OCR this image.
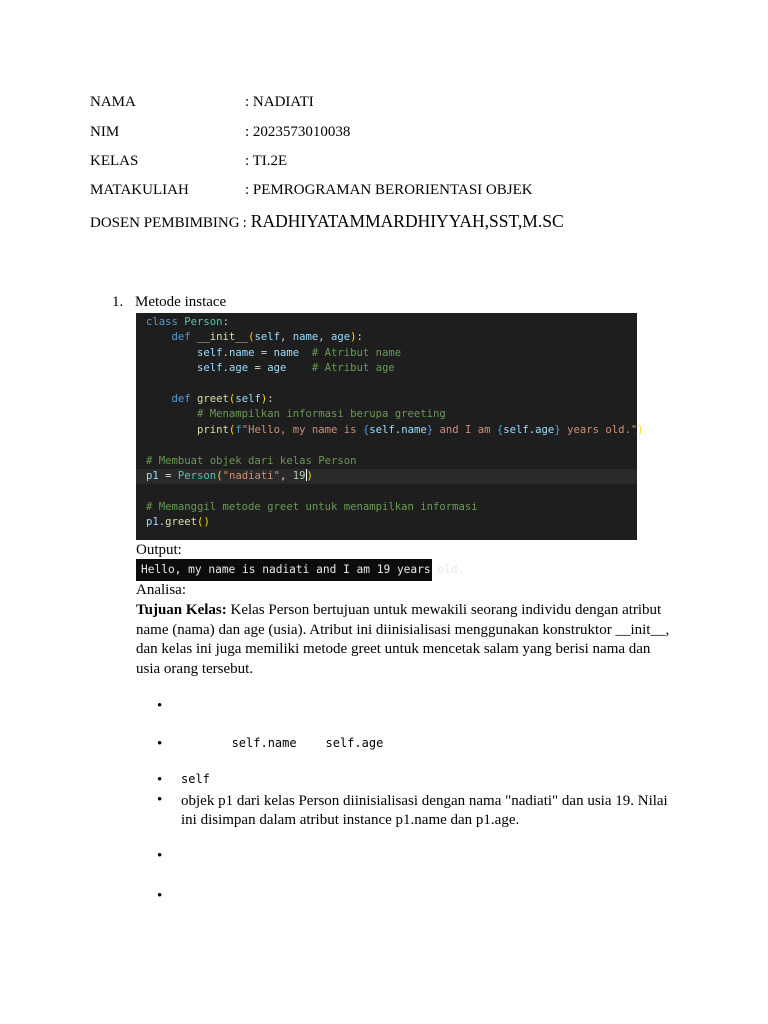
NAMA	: NADIATI
NIM	: 2023573010038
KELAS	: TI.2E
MATAKULIAH	: PEMROGRAMAN BERORIENTASI OBJEK
DOSEN PEMBIMBING : RADHIYATAMMARDHIYYAH,SST,M.SC
1. Metode instace
class Person:
def __init__(self, name, age):
self.name = name # Atribut name
self.age = age # Atribut age
def greet(self):
# Menampilkan informasi berupa greeting
print(f"Hello, my name is {self.name} and I am {self.age} years old.")
# Membuat objek dari kelas Person
p1 = Person("nadiati", 19)
# Memanggil metode greet untuk menampilkan informasi
p1.greet()
Output:
Hello, my name is nadiati and I am 19 years old.
Analisa:
Tujuan Kelas: Kelas Person bertujuan untuk mewakili seorang individu dengan atribut name (nama) dan age (usia). Atribut ini diinisialisasi menggunakan konstruktor __init__, dan kelas ini juga memiliki metode greet untuk mencetak salam yang berisi nama dan usia orang tersebut.
•
• self.name    self.age
• self
• objek p1 dari kelas Person diinisialisasi dengan nama "nadiati" dan usia 19. Nilai ini disimpan dalam atribut instance p1.name dan p1.age.
•
•
